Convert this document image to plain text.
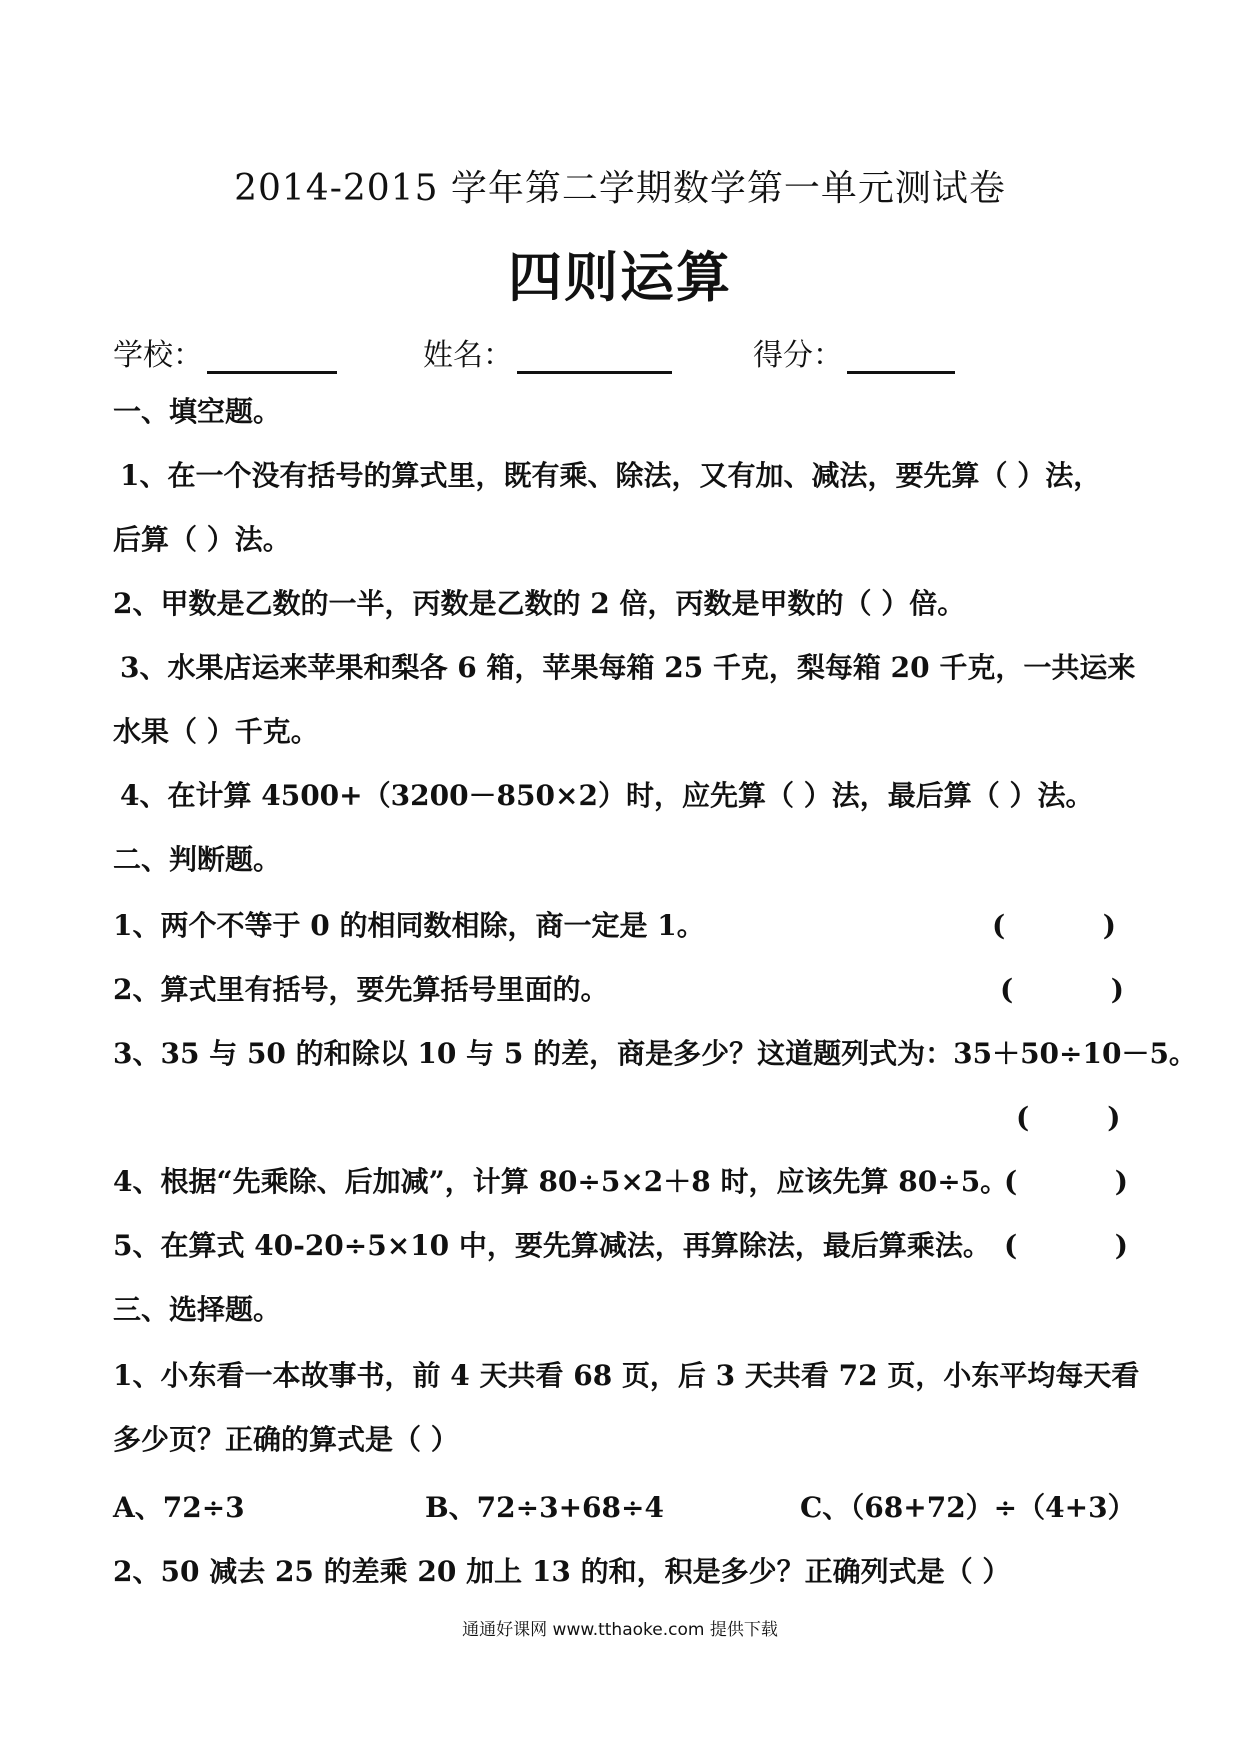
2014-2015 学年第二学期数学第一单元测试卷
四则运算
学校：	姓名：	得分：
一、填空题。
1、在一个没有括号的算式里，既有乘、除法，又有加、减法，要先算（ ）法，
后算（ ）法。
2、甲数是乙数的一半，丙数是乙数的 2 倍，丙数是甲数的（ ）倍。
3、水果店运来苹果和梨各 6 箱，苹果每箱 25 千克，梨每箱 20 千克，一共运来
水果（ ）千克。
4、在计算 4500+（3200－850×2）时，应先算（ ）法，最后算（ ）法。
二、判断题。
1、两个不等于 0 的相同数相除，商一定是 1。	(          )
2、算式里有括号，要先算括号里面的。	(          )
3、35 与 50 的和除以 10 与 5 的差，商是多少？这道题列式为：35＋50÷10－5。
(        )
4、根据“先乘除、后加减”，计算 80÷5×2＋8 时，应该先算 80÷5。
(          )
5、在算式 40-20÷5×10 中，要先算减法，再算除法，最后算乘法。 (          )
三、选择题。
1、小东看一本故事书，前 4 天共看 68 页，后 3 天共看 72 页，小东平均每天看
多少页？正确的算式是（ ）
A、72÷3	B、72÷3+68÷4	C、（68+72）÷（4+3）
2、50 减去 25 的差乘 20 加上 13 的和，积是多少？正确列式是（ ）
通通好课网 www.tthaoke.com 提供下载
